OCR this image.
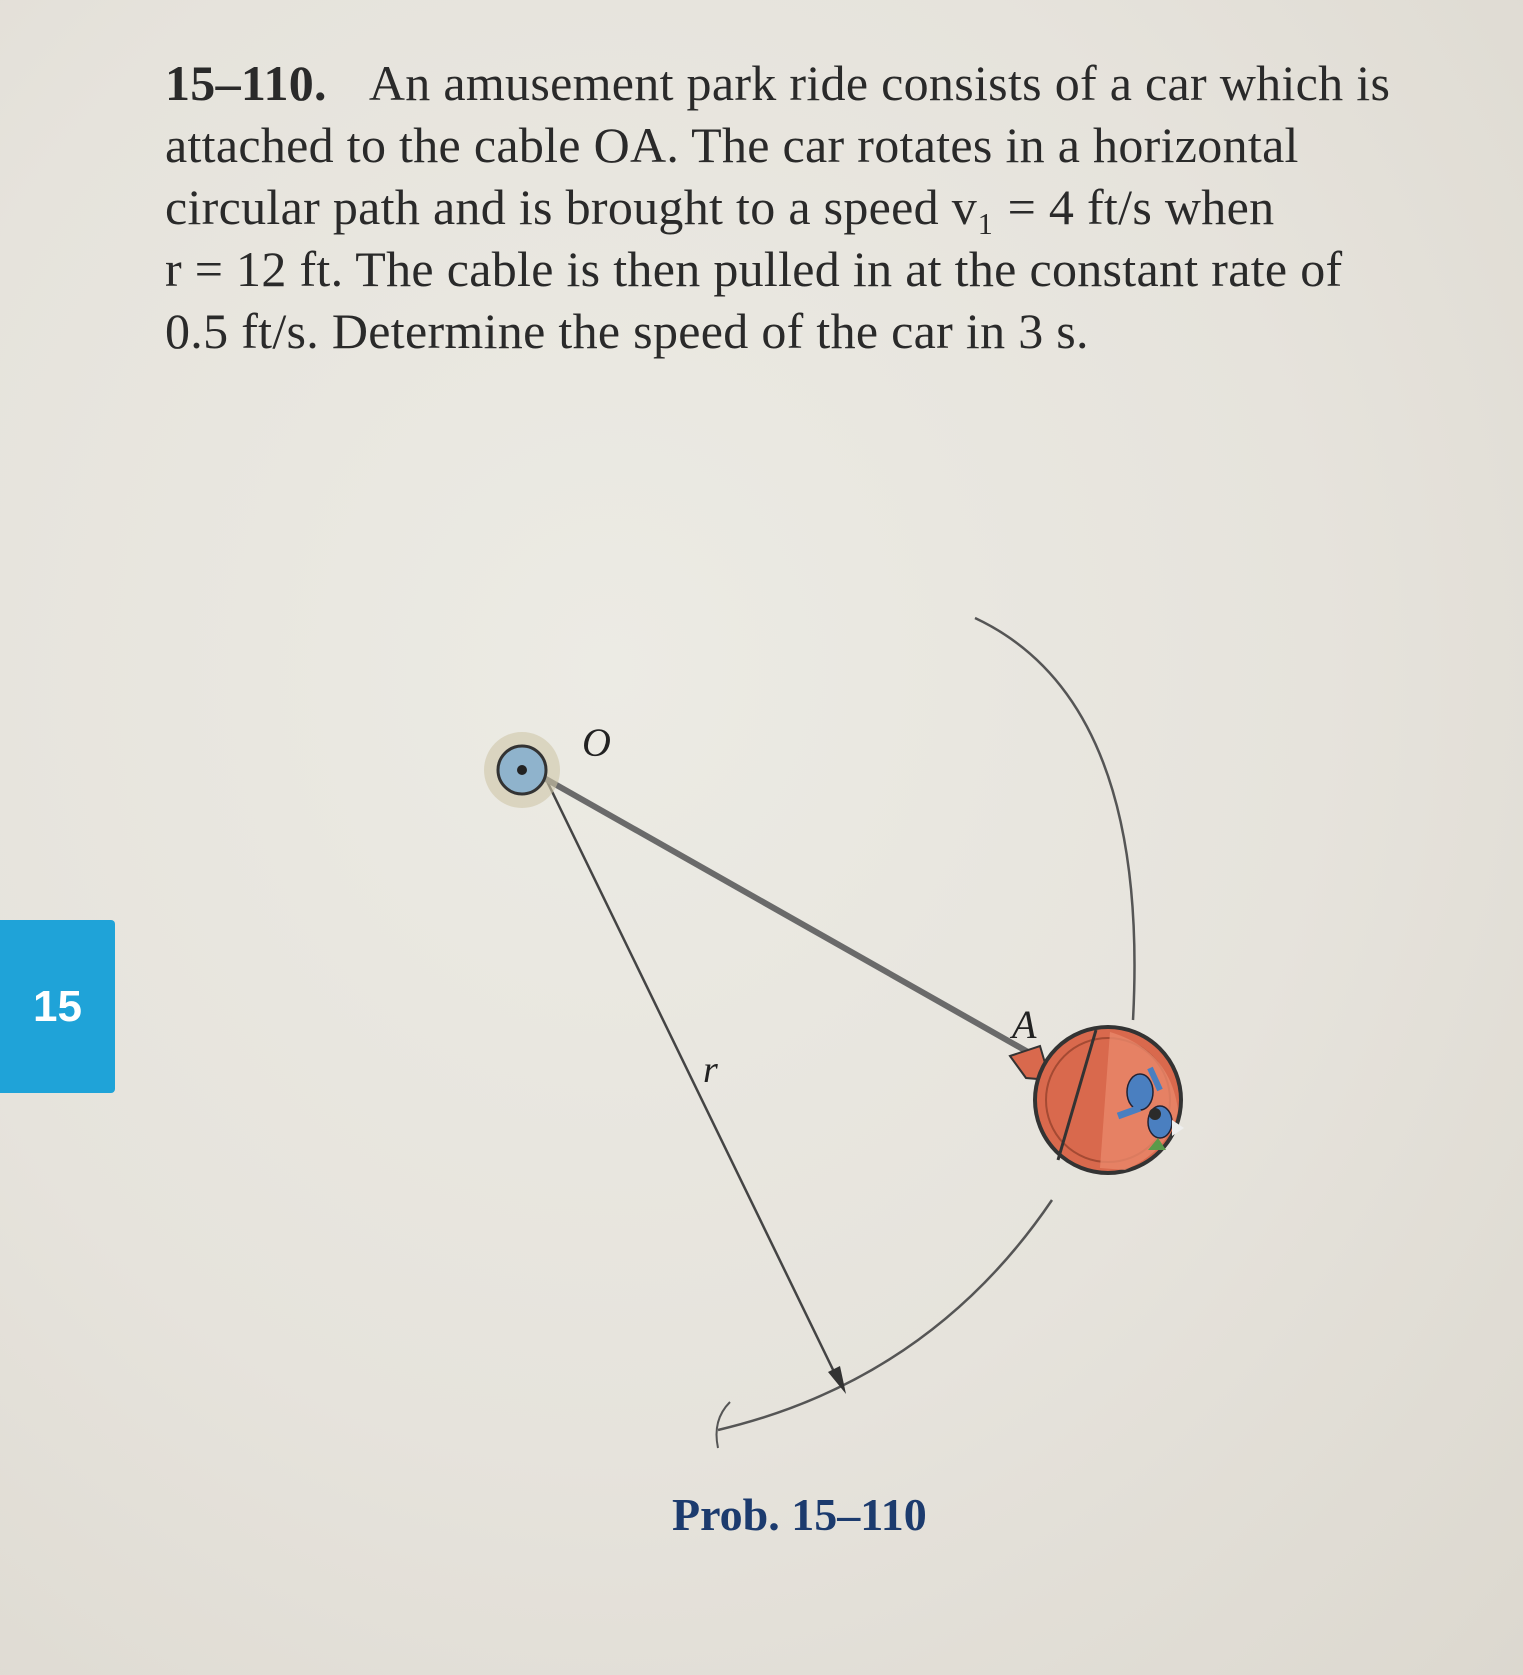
15–110. An amusement park ride consists of a car which is
attached to the cable OA. The car rotates in a horizontal
circular path and is brought to a speed v₁ = 4 ft/s when
r = 12 ft. The cable is then pulled in at the constant rate of
0.5 ft/s. Determine the speed of the car in 3 s.
15
O
A
r
Prob. 15–110
